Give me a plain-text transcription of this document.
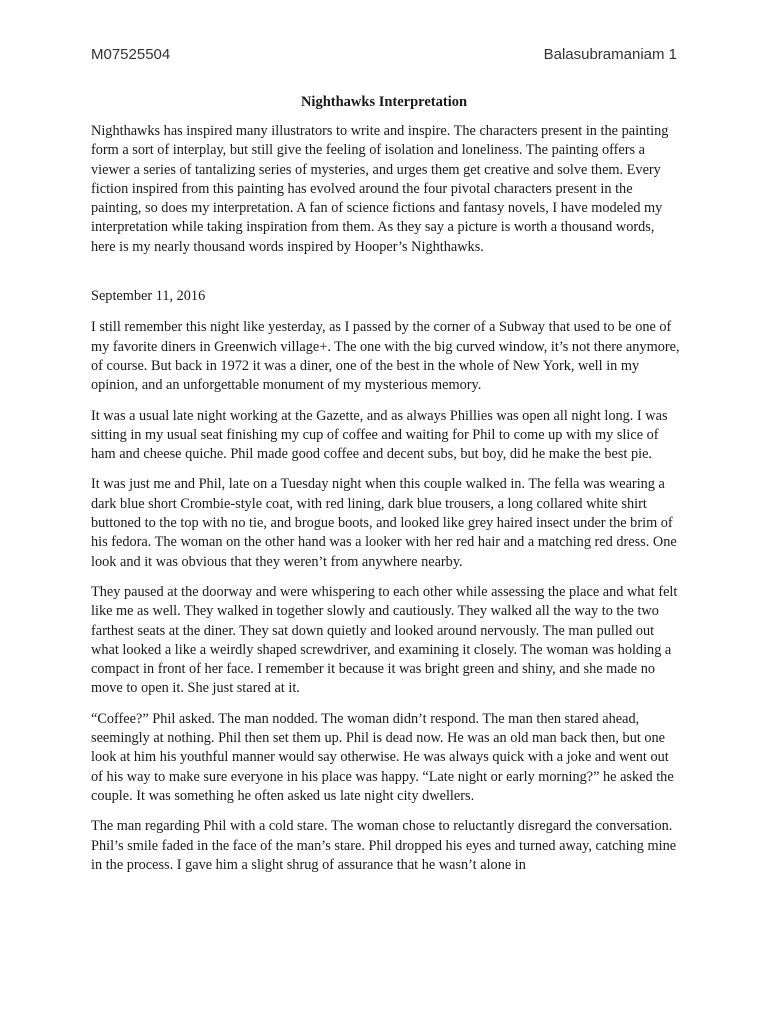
M07525504	Balasubramaniam 1
Nighthawks Interpretation

Nighthawks has inspired many illustrators to write and inspire. The characters present in the painting form a sort of interplay, but still give the feeling of isolation and loneliness. The painting offers a viewer a series of tantalizing series of mysteries, and urges them get creative and solve them. Every fiction inspired from this painting has evolved around the four pivotal characters present in the painting, so does my interpretation. A fan of science fictions and fantasy novels, I have modeled my interpretation while taking inspiration from them. As they say a picture is worth a thousand words, here is my nearly thousand words inspired by Hooper’s Nighthawks.

September 11, 2016

I still remember this night like yesterday, as I passed by the corner of a Subway that used to be one of my favorite diners in Greenwich village+. The one with the big curved window, it’s not there anymore, of course. But back in 1972 it was a diner, one of the best in the whole of New York, well in my opinion, and an unforgettable monument of my mysterious memory.

It was a usual late night working at the Gazette, and as always Phillies was open all night long. I was sitting in my usual seat finishing my cup of coffee and waiting for Phil to come up with my slice of ham and cheese quiche. Phil made good coffee and decent subs, but boy, did he make the best pie.

It was just me and Phil, late on a Tuesday night when this couple walked in. The fella was wearing a dark blue short Crombie-style coat, with red lining, dark blue trousers, a long collared white shirt buttoned to the top with no tie, and brogue boots, and looked like grey haired insect under the brim of his fedora. The woman on the other hand was a looker with her red hair and a matching red dress. One look and it was obvious that they weren’t from anywhere nearby.

They paused at the doorway and were whispering to each other while assessing the place and what felt like me as well. They walked in together slowly and cautiously. They walked all the way to the two farthest seats at the diner. They sat down quietly and looked around nervously. The man pulled out what looked a like a weirdly shaped screwdriver, and examining it closely. The woman was holding a compact in front of her face. I remember it because it was bright green and shiny, and she made no move to open it. She just stared at it.

“Coffee?” Phil asked. The man nodded. The woman didn’t respond. The man then stared ahead, seemingly at nothing. Phil then set them up. Phil is dead now. He was an old man back then, but one look at him his youthful manner would say otherwise. He was always quick with a joke and went out of his way to make sure everyone in his place was happy. “Late night or early morning?” he asked the couple. It was something he often asked us late night city dwellers.

The man regarding Phil with a cold stare. The woman chose to reluctantly disregard the conversation. Phil’s smile faded in the face of the man’s stare. Phil dropped his eyes and turned away, catching mine in the process. I gave him a slight shrug of assurance that he wasn’t alone in
